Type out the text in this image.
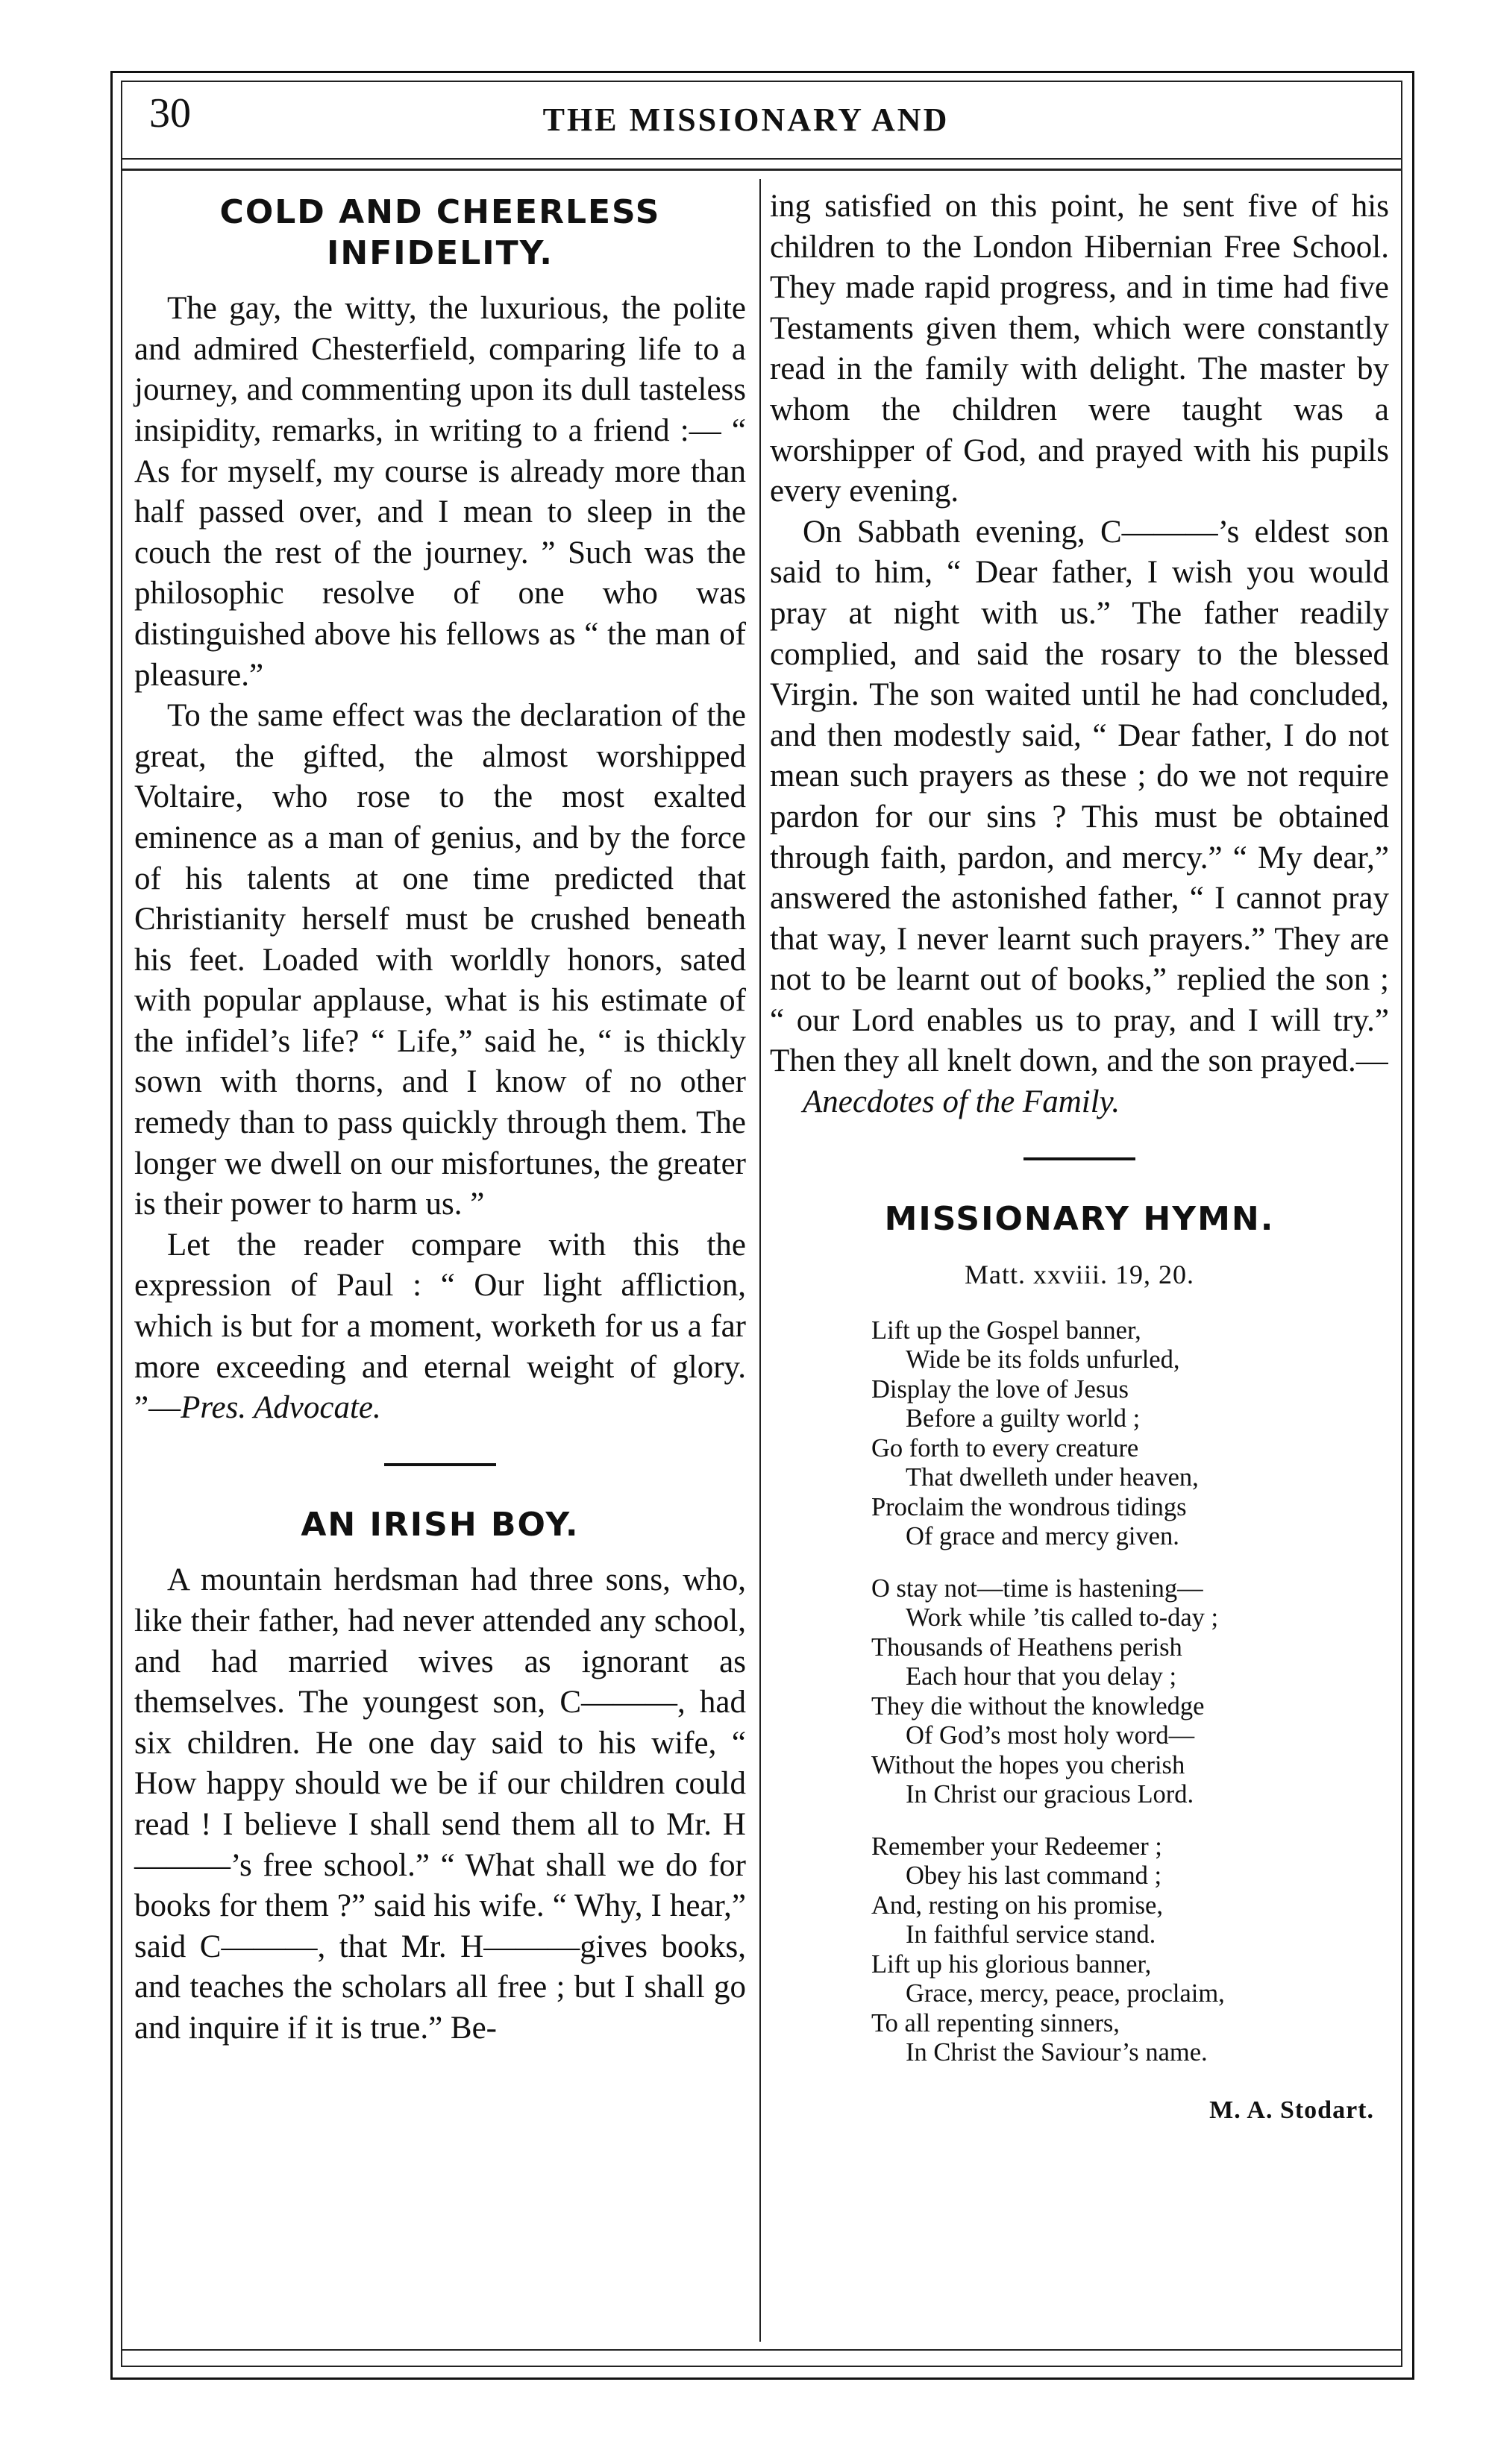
30	THE MISSIONARY AND
COLD AND CHEERLESS INFIDELITY.

The gay, the witty, the luxurious, the polite and admired Chesterfield, comparing life to a journey, and commenting upon its dull tasteless insipidity, remarks, in writing to a friend :— “ As for myself, my course is already more than half passed over, and I mean to sleep in the couch the rest of the journey. ” Such was the philosophic resolve of one who was distinguished above his fellows as “ the man of pleasure.”

To the same effect was the declaration of the great, the gifted, the almost worshipped Voltaire, who rose to the most exalted eminence as a man of genius, and by the force of his talents at one time predicted that Christianity herself must be crushed beneath his feet. Loaded with worldly honors, sated with popular applause, what is his estimate of the infidel’s life? “ Life,” said he, “ is thickly sown with thorns, and I know of no other remedy than to pass quickly through them. The longer we dwell on our misfortunes, the greater is their power to harm us. ”

Let the reader compare with this the expression of Paul : “ Our light affliction, which is but for a moment, worketh for us a far more exceeding and eternal weight of glory. ”—Pres. Advocate.

AN IRISH BOY.

A mountain herdsman had three sons, who, like their father, had never attended any school, and had married wives as ignorant as themselves. The youngest son, C———, had six children. He one day said to his wife, “ How happy should we be if our children could read ! I believe I shall send them all to Mr. H———’s free school.” “ What shall we do for books for them ?” said his wife. “ Why, I hear,” said C———, that Mr. H———gives books, and teaches the scholars all free ; but I shall go and inquire if it is true.” Be-

ing satisfied on this point, he sent five of his children to the London Hibernian Free School. They made rapid progress, and in time had five Testaments given them, which were constantly read in the family with delight. The master by whom the children were taught was a worshipper of God, and prayed with his pupils every evening.

On Sabbath evening, C———’s eldest son said to him, “ Dear father, I wish you would pray at night with us.” The father readily complied, and said the rosary to the blessed Virgin. The son waited until he had concluded, and then modestly said, “ Dear father, I do not mean such prayers as these ; do we not require pardon for our sins ? This must be obtained through faith, pardon, and mercy.” “ My dear,” answered the astonished father, “ I cannot pray that way, I never learnt such prayers.” They are not to be learnt out of books,” replied the son ; “ our Lord enables us to pray, and I will try.” Then they all knelt down, and the son prayed.—
Anecdotes of the Family.

MISSIONARY HYMN.
Matt. xxviii. 19, 20.
Lift up the Gospel banner,
Wide be its folds unfurled,
Display the love of Jesus
Before a guilty world ;
Go forth to every creature
That dwelleth under heaven,
Proclaim the wondrous tidings
Of grace and mercy given.
O stay not—time is hastening—
Work while ’tis called to-day ;
Thousands of Heathens perish
Each hour that you delay ;
They die without the knowledge
Of God’s most holy word—
Without the hopes you cherish
In Christ our gracious Lord.
Remember your Redeemer ;
Obey his last command ;
And, resting on his promise,
In faithful service stand.
Lift up his glorious banner,
Grace, mercy, peace, proclaim,
To all repenting sinners,
In Christ the Saviour’s name.
M. A. Stodart.
